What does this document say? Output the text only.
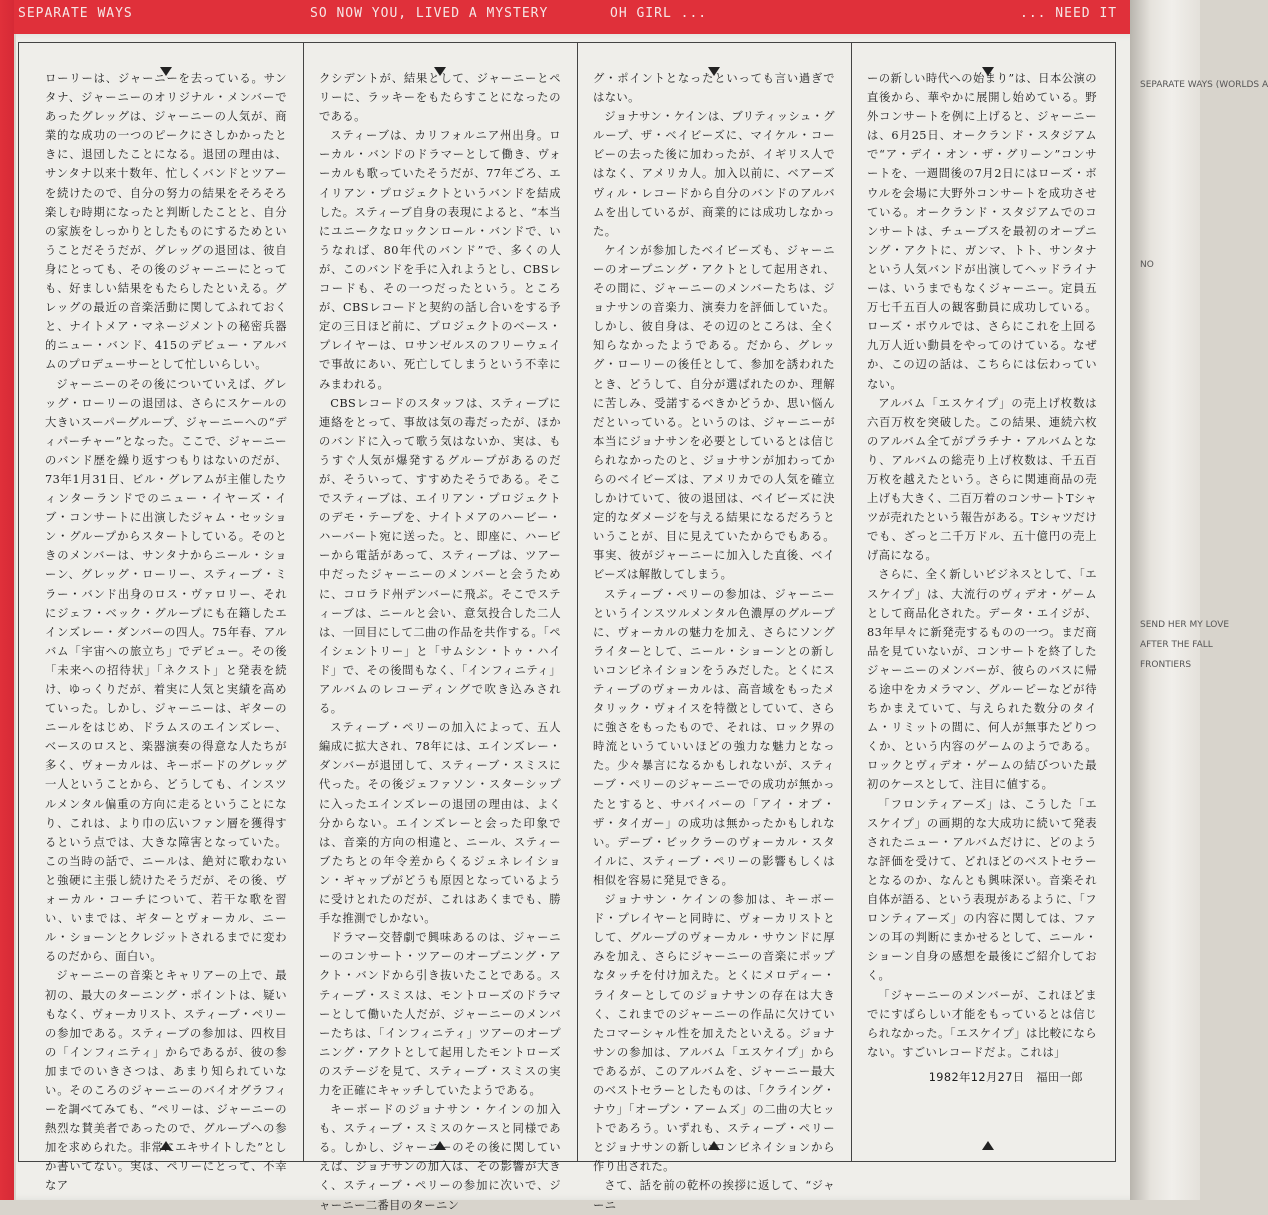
SEPARATE WAYS	SO NOW YOU, LIVED A MYSTERY	OH GIRL ...	... NEED IT

ローリーは、ジャーニーを去っている。サンタナ、ジャーニーのオリジナル・メンバーであったグレッグは、ジャーニーの人気が、商業的な成功の一つのピークにさしかかったときに、退団したことになる。退団の理由は、サンタナ以来十数年、忙しくバンドとツアーを続けたので、自分の努力の結果をそろそろ楽しむ時期になったと判断したことと、自分の家族をしっかりとしたものにするためということだそうだが、グレッグの退団は、彼自身にとっても、その後のジャーニーにとっても、好ましい結果をもたらしたといえる。グレッグの最近の音楽活動に関してふれておくと、ナイトメア・マネージメントの秘密兵器的ニュー・バンド、415のデビュー・アルバムのプロデューサーとして忙しいらしい。

ジャーニーのその後についていえば、グレッグ・ローリーの退団は、さらにスケールの大きいスーパーグループ、ジャーニーへの“ディパーチャー”となった。ここで、ジャーニーのバンド歴を繰り返すつもりはないのだが、73年1月31日、ビル・グレアムが主催したウィンターランドでのニュー・イヤーズ・イブ・コンサートに出演したジャム・セッション・グループからスタートしている。そのときのメンバーは、サンタナからニール・ショーン、グレッグ・ローリー、スティーブ・ミラー・バンド出身のロス・ヴァロリー、それにジェフ・ベック・グループにも在籍したエインズレー・ダンバーの四人。75年春、アルバム「宇宙への旅立ち」でデビュー。その後「未来への招待状」「ネクスト」と発表を続け、ゆっくりだが、着実に人気と実績を高めていった。しかし、ジャーニーは、ギターのニールをはじめ、ドラムスのエインズレー、ベースのロスと、楽器演奏の得意な人たちが多く、ヴォーカルは、キーボードのグレッグ一人ということから、どうしても、インスツルメンタル偏重の方向に走るということになり、これは、より巾の広いファン層を獲得するという点では、大きな障害となっていた。この当時の話で、ニールは、絶対に歌わないと強硬に主張し続けたそうだが、その後、ヴォーカル・コーチについて、若干な歌を習い、いまでは、ギターとヴォーカル、ニール・ショーンとクレジットされるまでに変わるのだから、面白い。

ジャーニーの音楽とキャリアーの上で、最初の、最大のターニング・ポイントは、疑いもなく、ヴォーカリスト、スティーブ・ペリーの参加である。スティーブの参加は、四枚目の「インフィニティ」からであるが、彼の参加までのいきさつは、あまり知られていない。そのころのジャーニーのバイオグラフィーを調べてみても、“ペリーは、ジャーニーの熱烈な賛美者であったので、グループへの参加を求められた。非常にエキサイトした”としか書いてない。実は、ペリーにとって、不幸なア

クシデントが、結果として、ジャーニーとペリーに、ラッキーをもたらすことになったのである。

スティーブは、カリフォルニア州出身。ローカル・バンドのドラマーとして働き、ヴォーカルも歌っていたそうだが、77年ごろ、エイリアン・プロジェクトというバンドを結成した。スティーブ自身の表現によると、“本当にユニークなロックンロール・バンドで、いうなれば、80年代のバンド”で、多くの人が、このバンドを手に入れようとし、CBSレコードも、その一つだったという。ところが、CBSレコードと契約の話し合いをする予定の三日ほど前に、プロジェクトのベース・プレイヤーは、ロサンゼルスのフリーウェイで事故にあい、死亡してしまうという不幸にみまわれる。

CBSレコードのスタッフは、スティーブに連絡をとって、事故は気の毒だったが、ほかのバンドに入って歌う気はないか、実は、もうすぐ人気が爆発するグループがあるのだが、そういって、すすめたそうである。そこでスティーブは、エイリアン・プロジェクトのデモ・テープを、ナイトメアのハービー・ハーバート宛に送った。と、即座に、ハービーから電話があって、スティーブは、ツアー中だったジャーニーのメンバーと会うために、コロラド州デンバーに飛ぶ。そこでスティーブは、ニールと会い、意気投合した二人は、一回目にして二曲の作品を共作する。「ペイシェントリー」と「サムシン・トゥ・ハイド」で、その後間もなく、「インフィニティ」アルバムのレコーディングで吹き込みされる。

スティーブ・ペリーの加入によって、五人編成に拡大され、78年には、エインズレー・ダンバーが退団して、スティーブ・スミスに代った。その後ジェファソン・スターシップに入ったエインズレーの退団の理由は、よく分からない。エインズレーと会った印象では、音楽的方向の相違と、ニール、スティーブたちとの年令差からくるジェネレイション・ギャップがどうも原因となっているように受けとれたのだが、これはあくまでも、勝手な推測でしかない。

ドラマー交替劇で興味あるのは、ジャーニーのコンサート・ツアーのオープニング・アクト・バンドから引き抜いたことである。スティーブ・スミスは、モントローズのドラマーとして働いた人だが、ジャーニーのメンバーたちは、「インフィニティ」ツアーのオープニング・アクトとして起用したモントローズのステージを見て、スティーブ・スミスの実力を正確にキャッチしていたようである。

キーボードのジョナサン・ケインの加入も、スティーブ・スミスのケースと同様である。しかし、ジャーニーのその後に関していえば、ジョナサンの加入は、その影響が大きく、スティーブ・ペリーの参加に次いで、ジャーニー二番目のターニン

グ・ポイントとなったといっても言い過ぎではない。

ジョナサン・ケインは、ブリティッシュ・グループ、ザ・ベイビーズに、マイケル・コービーの去った後に加わったが、イギリス人ではなく、アメリカ人。加入以前に、ベアーズヴィル・レコードから自分のバンドのアルバムを出しているが、商業的には成功しなかった。

ケインが参加したベイビーズも、ジャーニーのオープニング・アクトとして起用され、その間に、ジャーニーのメンバーたちは、ジョナサンの音楽力、演奏力を評価していた。しかし、彼自身は、その辺のところは、全く知らなかったようである。だから、グレッグ・ローリーの後任として、参加を誘われたとき、どうして、自分が選ばれたのか、理解に苦しみ、受諾するべきかどうか、思い悩んだといっている。というのは、ジャーニーが本当にジョナサンを必要としているとは信じられなかったのと、ジョナサンが加わってからのベイビーズは、アメリカでの人気を確立しかけていて、彼の退団は、ベイビーズに決定的なダメージを与える結果になるだろうということが、目に見えていたからでもある。事実、彼がジャーニーに加入した直後、ベイビーズは解散してしまう。

スティーブ・ペリーの参加は、ジャーニーというインスツルメンタル色濃厚のグループに、ヴォーカルの魅力を加え、さらにソングライターとして、ニール・ショーンとの新しいコンビネイションをうみだした。とくにスティーブのヴォーカルは、高音域をもったメタリック・ヴォイスを特徴としていて、さらに強さをもったもので、それは、ロック界の時流というていいほどの強力な魅力となった。少々暴言になるかもしれないが、スティーブ・ペリーのジャーニーでの成功が無かったとすると、サバイバーの「アイ・オブ・ザ・タイガー」の成功は無かったかもしれない。デーブ・ビックラーのヴォーカル・スタイルに、スティーブ・ペリーの影響もしくは相似を容易に発見できる。

ジョナサン・ケインの参加は、キーボード・プレイヤーと同時に、ヴォーカリストとして、グループのヴォーカル・サウンドに厚みを加え、さらにジャーニーの音楽にポップなタッチを付け加えた。とくにメロディー・ライターとしてのジョナサンの存在は大きく、これまでのジャーニーの作品に欠けていたコマーシャル性を加えたといえる。ジョナサンの参加は、アルバム「エスケイプ」からであるが、このアルバムを、ジャーニー最大のベストセラーとしたものは、「クライング・ナウ」「オープン・アームズ」の二曲の大ヒットであろう。いずれも、スティーブ・ペリーとジョナサンの新しいコンビネイションから作り出された。

さて、話を前の乾杯の挨拶に返して、“ジャーニ

ーの新しい時代への始まり”は、日本公演の直後から、華やかに展開し始めている。野外コンサートを例に上げると、ジャーニーは、6月25日、オークランド・スタジアムで“ア・デイ・オン・ザ・グリーン”コンサートを、一週間後の7月2日にはローズ・ボウルを会場に大野外コンサートを成功させている。オークランド・スタジアムでのコンサートは、チューブスを最初のオープニング・アクトに、ガンマ、トト、サンタナという人気バンドが出演してヘッドライナーは、いうまでもなくジャーニー。定員五万七千五百人の観客動員に成功している。ローズ・ボウルでは、さらにこれを上回る九万人近い動員をやってのけている。なぜか、この辺の話は、こちらには伝わっていない。

アルバム「エスケイプ」の売上げ枚数は六百万枚を突破した。この結果、連続六枚のアルバム全てがプラチナ・アルバムとなり、アルバムの総売り上げ枚数は、千五百万枚を越えたという。さらに関連商品の売上げも大きく、二百万着のコンサートTシャツが売れたという報告がある。Tシャツだけでも、ざっと二千万ドル、五十億円の売上げ高になる。

さらに、全く新しいビジネスとして、「エスケイプ」は、大流行のヴィデオ・ゲームとして商品化された。データ・エイジが、83年早々に新発売するものの一つ。まだ商品を見ていないが、コンサートを終了したジャーニーのメンバーが、彼らのバスに帰る途中をカメラマン、グルーピーなどが待ちかまえていて、与えられた数分のタイム・リミットの間に、何人が無事たどりつくか、という内容のゲームのようである。ロックとヴィデオ・ゲームの結びついた最初のケースとして、注目に値する。

「フロンティアーズ」は、こうした「エスケイプ」の画期的な大成功に続いて発表されたニュー・アルバムだけに、どのような評価を受けて、どれほどのベストセラーとなるのか、なんとも興味深い。音楽それ自体が語る、という表現があるように、「フロンティアーズ」の内容に関しては、ファンの耳の判断にまかせるとして、ニール・ショーン自身の感想を最後にご紹介しておく。

「ジャーニーのメンバーが、これほどまでにすばらしい才能をもっているとは信じられなかった。「エスケイプ」は比較にならない。すごいレコードだよ。これは」

1982年12月27日　福田一郎

SEPARATE WAYS (WORLDS A
NO
SEND HER MY LOVE
AFTER THE FALL
FRONTIERS
